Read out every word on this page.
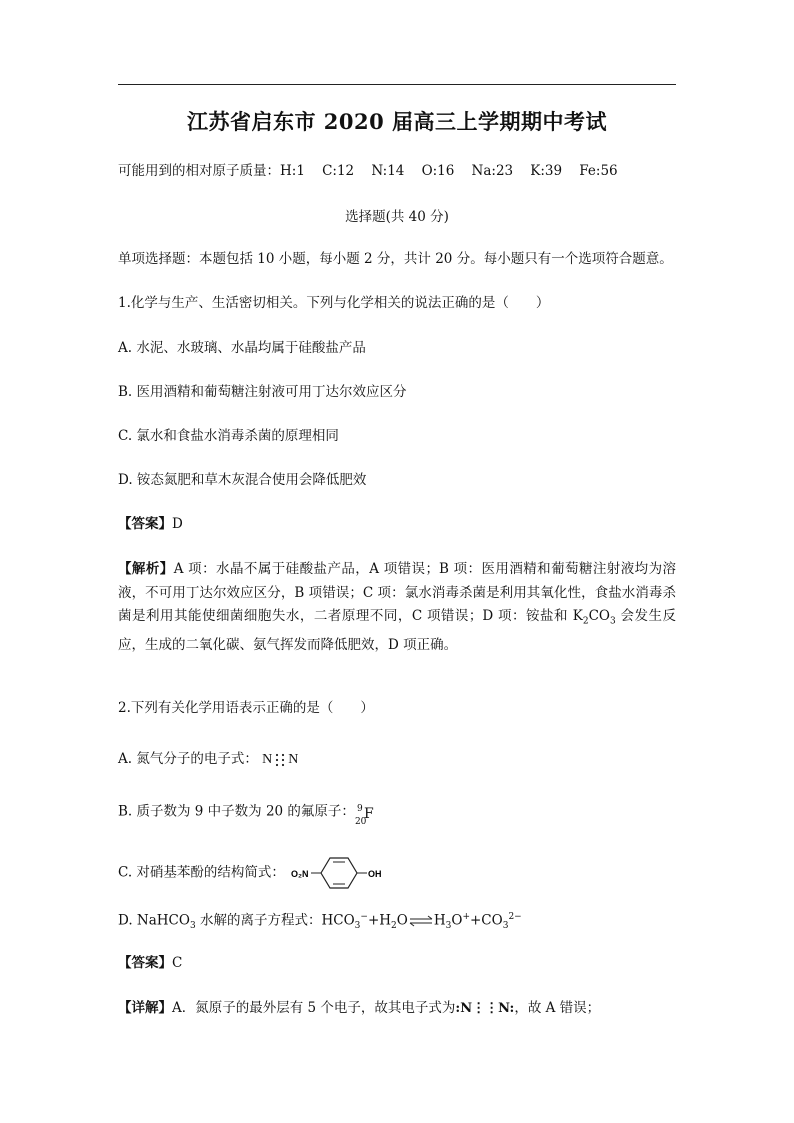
江苏省启东市 2020 届高三上学期期中考试
可能用到的相对原子质量：H:1 C:12 N:14 O:16 Na:23 K:39 Fe:56
选择题(共 40 分)
单项选择题：本题包括 10 小题，每小题 2 分，共计 20 分。每小题只有一个选项符合题意。
1.化学与生产、生活密切相关。下列与化学相关的说法正确的是（　　）
A. 水泥、水玻璃、水晶均属于硅酸盐产品
B. 医用酒精和葡萄糖注射液可用丁达尔效应区分
C. 氯水和食盐水消毒杀菌的原理相同
D. 铵态氮肥和草木灰混合使用会降低肥效
【答案】D
【解析】A 项：水晶不属于硅酸盐产品，A 项错误；B 项：医用酒精和葡萄糖注射液均为溶液，不可用丁达尔效应区分，B 项错误；C 项：氯水消毒杀菌是利用其氧化性，食盐水消毒杀菌是利用其能使细菌细胞失水，二者原理不同，C 项错误；D 项：铵盐和 $K_2CO_3$ 会发生反应，生成的二氧化碳、氨气挥发而降低肥效，D 项正确。
2.下列有关化学用语表示正确的是（　　）
A. 氮气分子的电子式： N N
B. 质子数为 9 中子数为 20 的氟原子： 9
20
F
C. 对硝基苯酚的结构简式： O₂N	OH
D. NaHCO$_3$ 水解的离子方程式：$HCO_3^-+H_2O\rightleftharpoons H_3O^++CO_3^{2-}$
【答案】C
【详解】A．氮原子的最外层有 5 个电子，故其电子式为:N⋮⋮N:，故 A 错误；
